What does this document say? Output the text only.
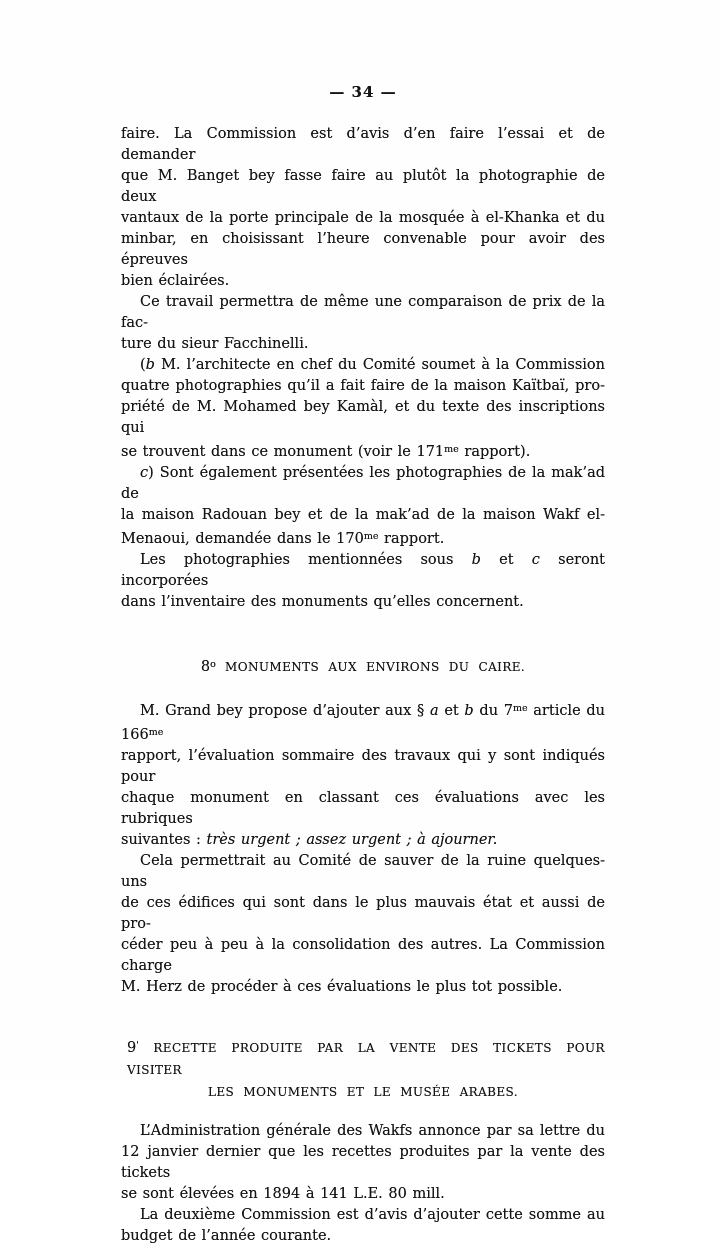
— 34 —
faire. La Commission est d’avis d’en faire l’essai et de demander
que M. Banget bey fasse faire au plutôt la photographie de deux
vantaux de la porte principale de la mosquée à el-Khanka et du
minbar, en choisissant l’heure convenable pour avoir des épreuves
bien éclairées.
Ce travail permettra de même une comparaison de prix de la fac-
ture du sieur Facchinelli.
(b M. l’architecte en chef du Comité soumet à la Commission
quatre photographies qu’il a fait faire de la maison Kaïtbaï, pro-
priété de M. Mohamed bey Kamàl, et du texte des inscriptions qui
se trouvent dans ce monument (voir le $171^{me}$ rapport).
c) Sont également présentées les photographies de la mak’ad de
la maison Radouan bey et de la mak’ad de la maison Wakf el-
Menaoui, demandée dans le $170^{me}$ rapport.
Les photographies mentionnées sous b et c seront incorporées
dans l’inventaire des monuments qu’elles concernent.
8$^o$ MONUMENTS AUX ENVIRONS DU CAIRE.
M. Grand bey propose d’ajouter aux § a et b du $7^{me}$ article du $166^{me}$
rapport, l’évaluation sommaire des travaux qui y sont indiqués pour
chaque monument en classant ces évaluations avec les rubriques
suivantes : très urgent ; assez urgent ; à ajourner.
Cela permettrait au Comité de sauver de la ruine quelques-uns
de ces édifices qui sont dans le plus mauvais état et aussi de pro-
céder peu à peu à la consolidation des autres. La Commission charge
M. Herz de procéder à ces évaluations le plus tot possible.
9' RECETTE PRODUITE PAR LA VENTE DES TICKETS POUR VISITER
LES MONUMENTS ET LE MUSÉE ARABES.
L’Administration générale des Wakfs annonce par sa lettre du
12 janvier dernier que les recettes produites par la vente des tickets
se sont élevées en 1894 à 141 L.E. 80 mill.
La deuxième Commission est d’avis d’ajouter cette somme au
budget de l’année courante.
